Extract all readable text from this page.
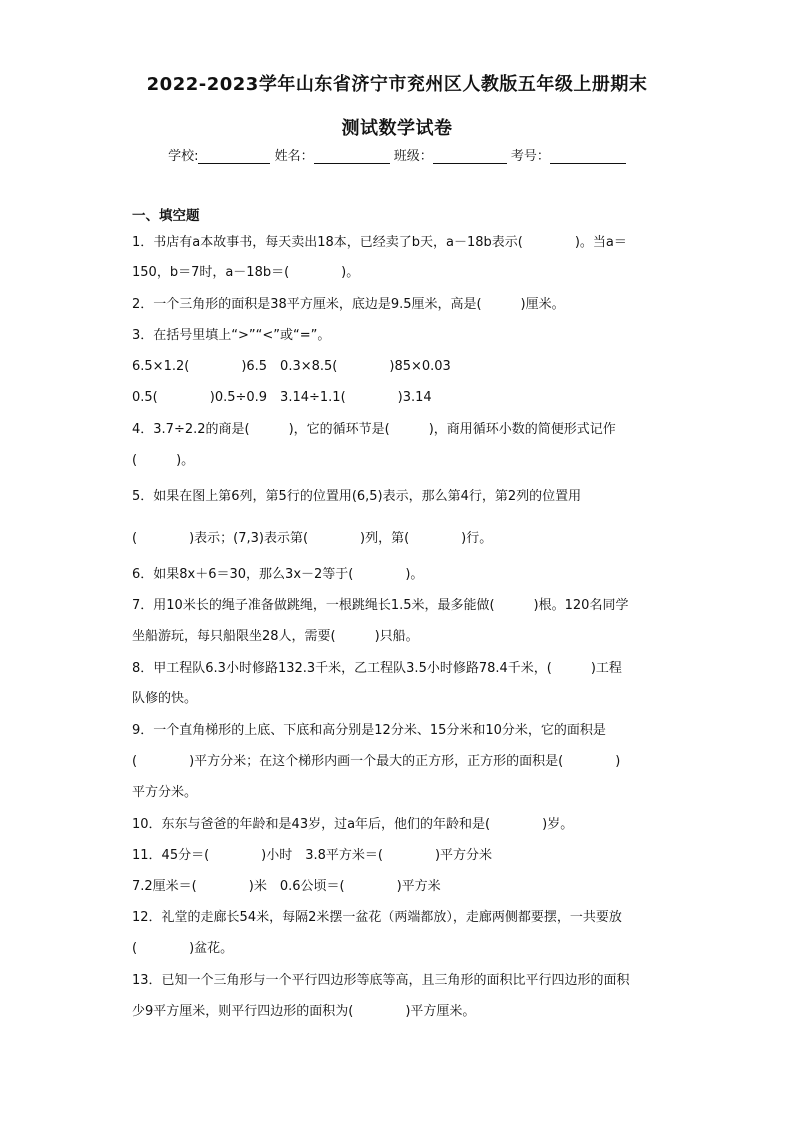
2022-2023学年山东省济宁市兖州区人教版五年级上册期末
测试数学试卷
学校:	姓名：	班级：	考号：
一、填空题
1．书店有a本故事书，每天卖出18本，已经卖了b天，a－18b表示(　　　　)。当a＝
150，b＝7时，a－18b＝(　　　　)。
2．一个三角形的面积是38平方厘米，底边是9.5厘米，高是(　　　)厘米。
3．在括号里填上“>”“<”或“=”。
6.5×1.2(　　　　)6.5　0.3×8.5(　　　　)85×0.03
0.5(　　　　)0.5÷0.9　3.14÷1.1(　　　　)3.14
4．3.7÷2.2的商是(　　　)，它的循环节是(　　　)，商用循环小数的简便形式记作
(　　　)。
5．如果在图上第6列，第5行的位置用(6,5)表示，那么第4行，第2列的位置用
(　　　　)表示；(7,3)表示第(　　　　)列，第(　　　　)行。
6．如果8x＋6＝30，那么3x－2等于(　　　　)。
7．用10米长的绳子准备做跳绳，一根跳绳长1.5米，最多能做(　　　)根。120名同学
坐船游玩，每只船限坐28人，需要(　　　)只船。
8．甲工程队6.3小时修路132.3千米，乙工程队3.5小时修路78.4千米，(　　　)工程
队修的快。
9．一个直角梯形的上底、下底和高分别是12分米、15分米和10分米，它的面积是
(　　　　)平方分米；在这个梯形内画一个最大的正方形，正方形的面积是(　　　　)
平方分米。
10．东东与爸爸的年龄和是43岁，过a年后，他们的年龄和是(　　　　)岁。
11．45分＝(　　　　)小时　3.8平方米＝(　　　　)平方分米
7.2厘米＝(　　　　)米　0.6公顷＝(　　　　)平方米
12．礼堂的走廊长54米，每隔2米摆一盆花（两端都放），走廊两侧都要摆，一共要放
(　　　　)盆花。
13．已知一个三角形与一个平行四边形等底等高，且三角形的面积比平行四边形的面积
少9平方厘米，则平行四边形的面积为(　　　　)平方厘米。
